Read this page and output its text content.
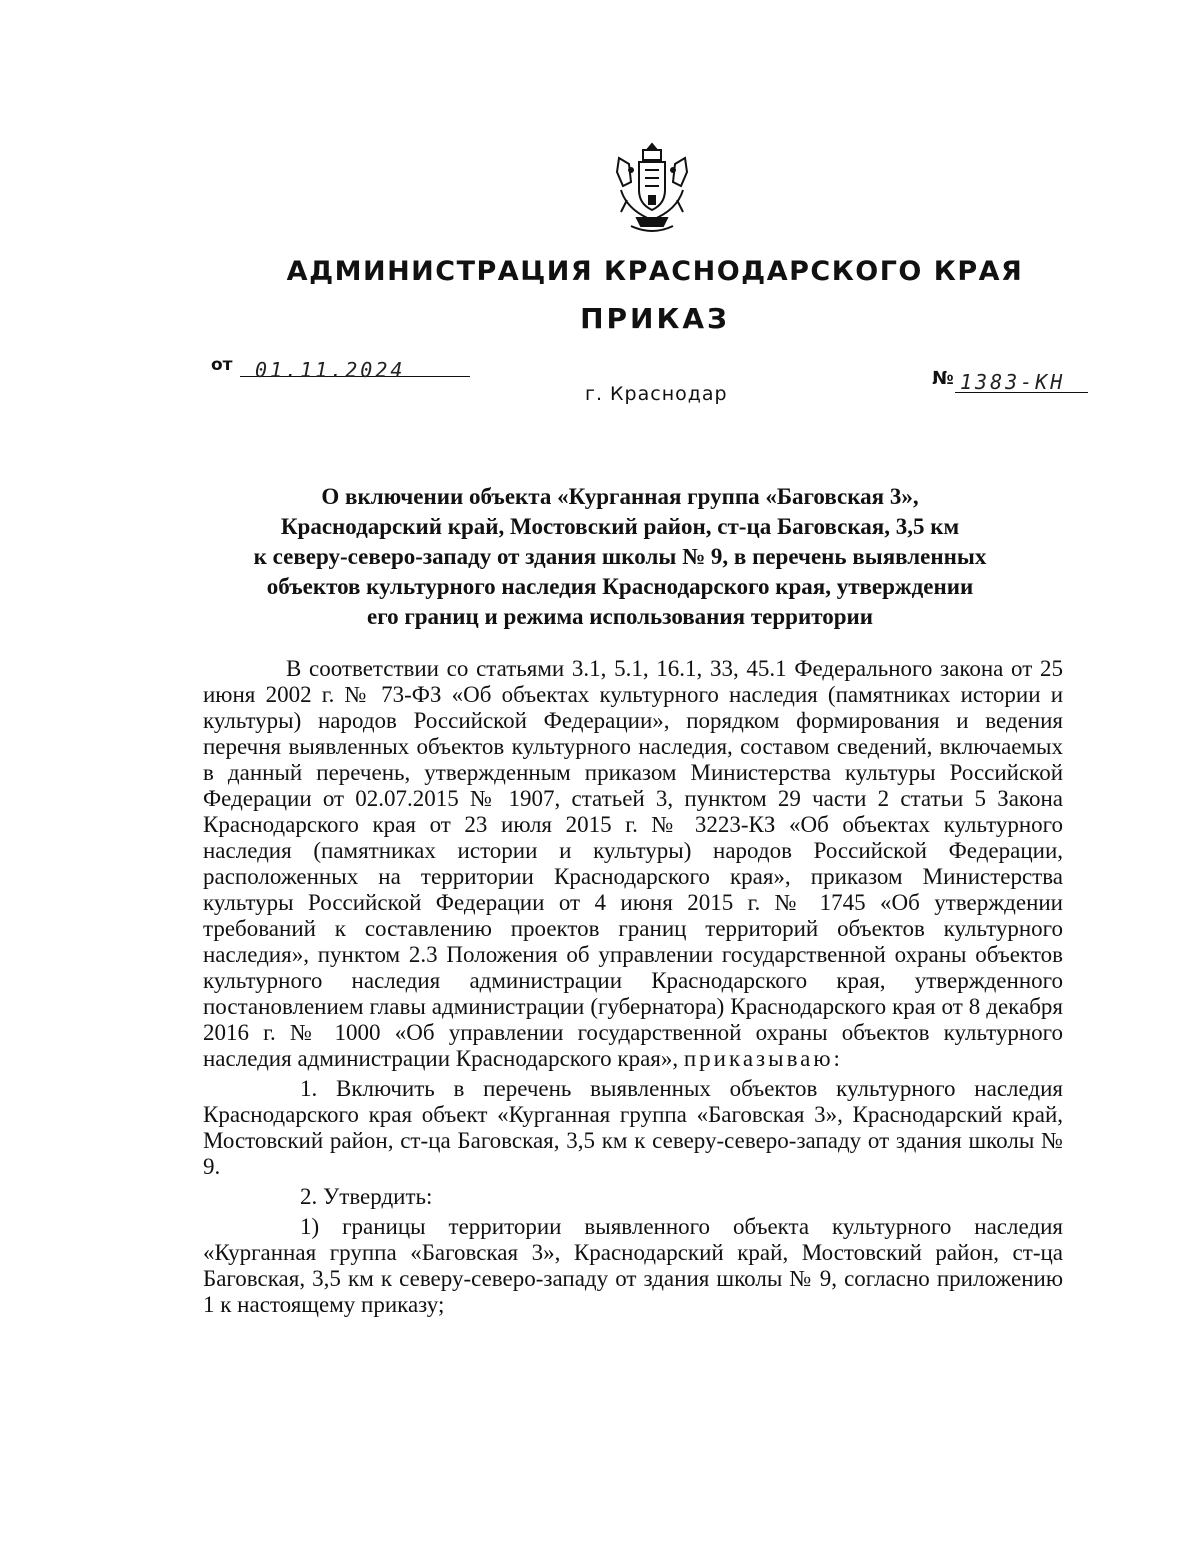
АДМИНИСТРАЦИЯ КРАСНОДАРСКОГО КРАЯ
ПРИКАЗ
от 01.11.2024
г. Краснодар
№ 1383-КН
О включении объекта «Курганная группа «Баговская 3»,
Краснодарский край, Мостовский район, ст-ца Баговская, 3,5 км
к северу-северо-западу от здания школы № 9, в перечень выявленных
объектов культурного наследия Краснодарского края, утверждении
его границ и режима использования территории

В соответствии со статьями 3.1, 5.1, 16.1, 33, 45.1 Федерального закона от 25 июня 2002 г. № 73-ФЗ «Об объектах культурного наследия (памятниках истории и культуры) народов Российской Федерации», порядком формирования и ведения перечня выявленных объектов культурного наследия, составом сведений, включаемых в данный перечень, утвержденным приказом Министерства культуры Российской Федерации от 02.07.2015 № 1907, статьей 3, пунктом 29 части 2 статьи 5 Закона Краснодарского края от 23 июля 2015 г. № 3223-КЗ «Об объектах культурного наследия (памятниках истории и культуры) народов Российской Федерации, расположенных на территории Краснодарского края», приказом Министерства культуры Российской Федерации от 4 июня 2015 г. № 1745 «Об утверждении требований к составлению проектов границ территорий объектов культурного наследия», пунктом 2.3 Положения об управлении государственной охраны объектов культурного наследия администрации Краснодарского края, утвержденного постановлением главы администрации (губернатора) Краснодарского края от 8 декабря 2016 г. № 1000 «Об управлении государственной охраны объектов культурного наследия администрации Краснодарского края», приказываю:

1. Включить в перечень выявленных объектов культурного наследия Краснодарского края объект «Курганная группа «Баговская 3», Краснодарский край, Мостовский район, ст-ца Баговская, 3,5 км к северу-северо-западу от здания школы № 9.

2. Утвердить:

1) границы территории выявленного объекта культурного наследия «Курганная группа «Баговская 3», Краснодарский край, Мостовский район, ст-ца Баговская, 3,5 км к северу-северо-западу от здания школы № 9, согласно приложению 1 к настоящему приказу;
